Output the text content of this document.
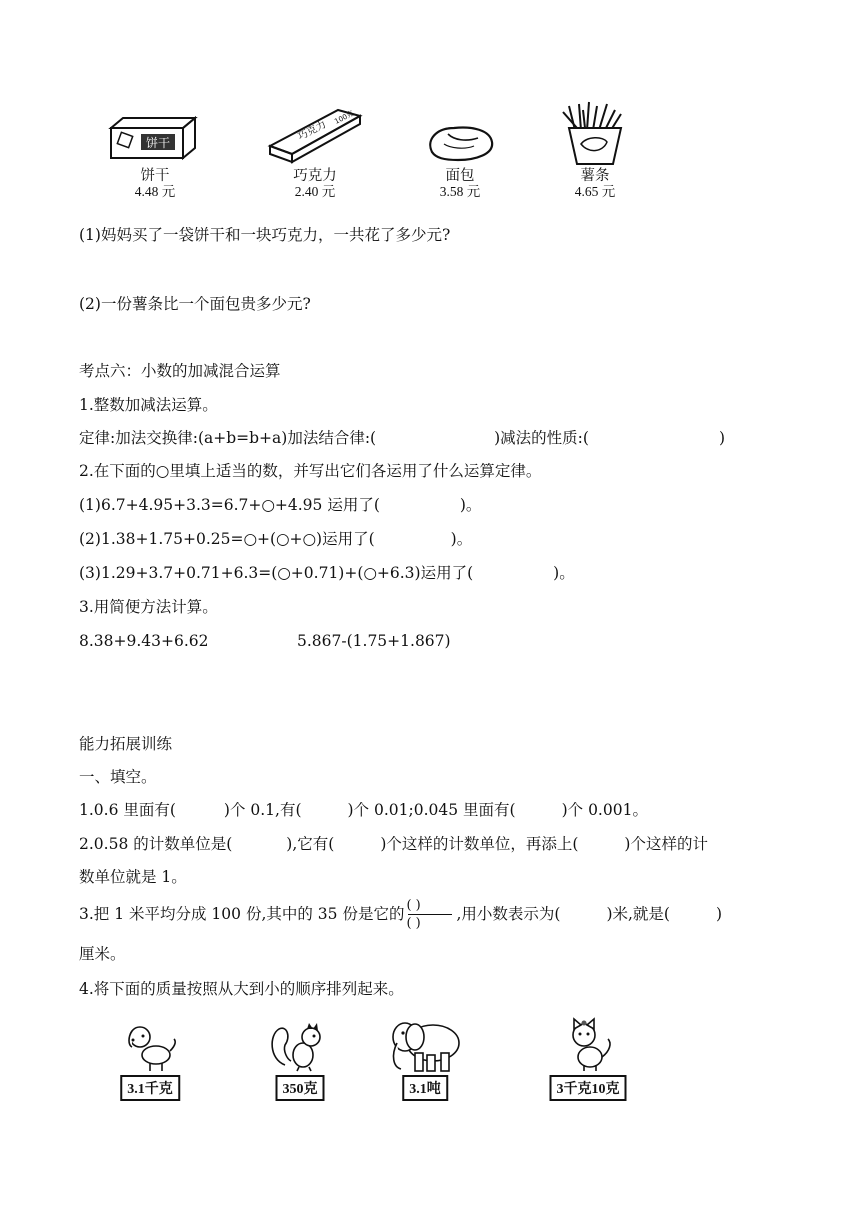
饼干
饼干
4.48 元
巧克力
100克
巧克力
2.40 元
面包
3.58 元
薯条
4.65 元
(1)妈妈买了一袋饼干和一块巧克力，一共花了多少元?
(2)一份薯条比一个面包贵多少元?
考点六：小数的加减混合运算
1.整数加减法运算。
定律:加法交换律:(a+b=b+a)加法结合律:(	)减法的性质:(	)
2.在下面的○里填上适当的数，并写出它们各运用了什么运算定律。
(1)6.7+4.95+3.3=6.7+○+4.95 运用了(	)。
(2)1.38+1.75+0.25=○+(○+○)运用了(	)。
(3)1.29+3.7+0.71+6.3=(○+0.71)+(○+6.3)运用了(	)。
3.用简便方法计算。
8.38+9.43+6.62	5.867-(1.75+1.867)
能力拓展训练
一、填空。
1.0.6 里面有(	)个 0.1,有(	)个 0.01;0.045 里面有(	)个 0.001。
2.0.58 的计数单位是(	),它有(	)个这样的计数单位，再添上(	)个这样的计
数单位就是 1。
3.把 1 米平均分成 100 份,其中的 35 份是它的 $\frac{( )}{( )}$ ,用小数表示为(	)米,就是(	)
厘米。
4.将下面的质量按照从大到小的顺序排列起来。
3.1千克	350克	3.1吨	3千克10克
